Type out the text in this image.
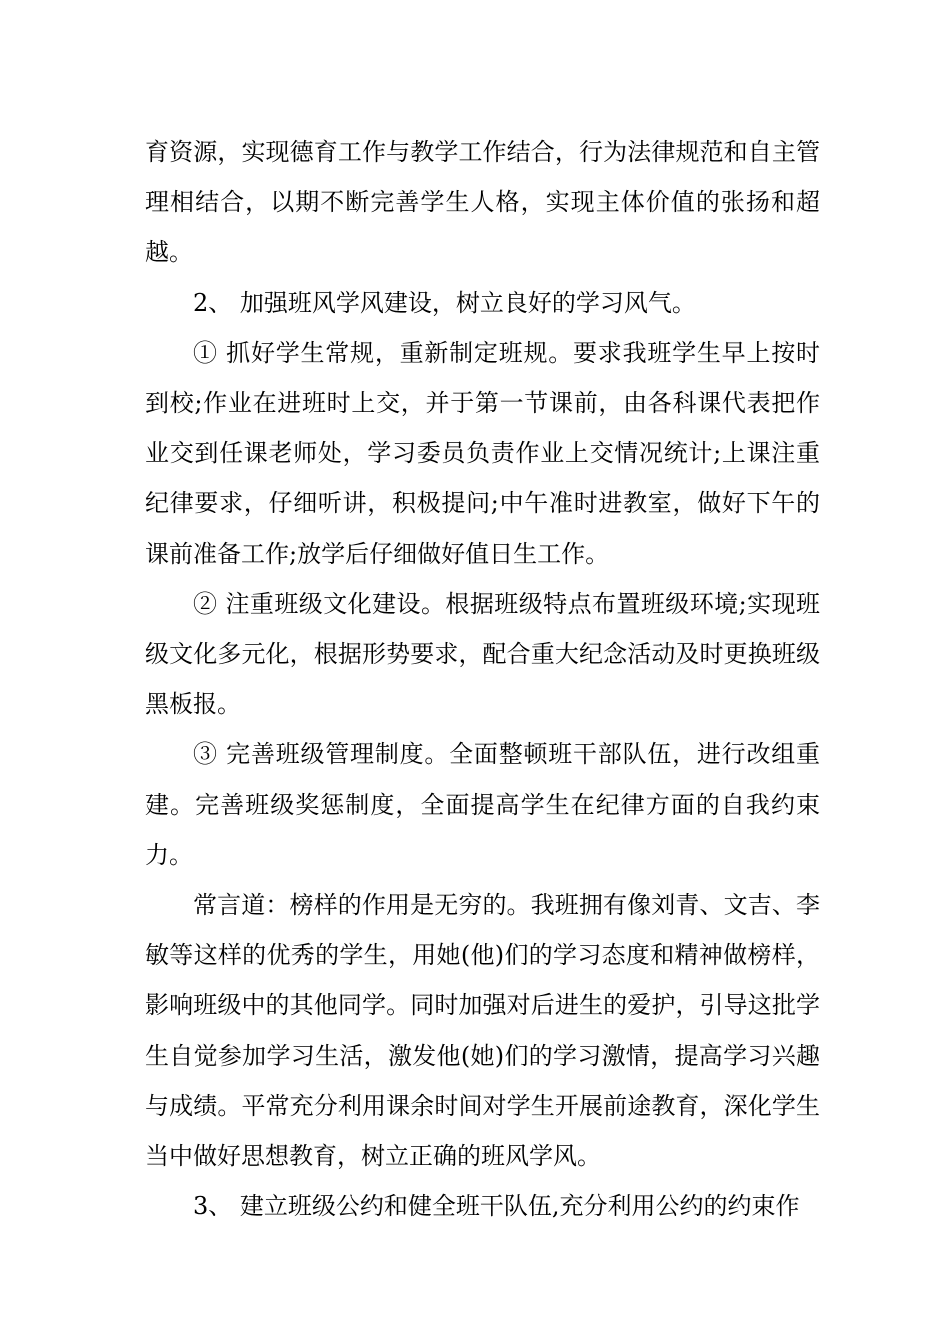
育资源，实现德育工作与教学工作结合，行为法律规范和自主管理相结合，以期不断完善学生人格，实现主体价值的张扬和超越。

2、 加强班风学风建设，树立良好的学习风气。

① 抓好学生常规，重新制定班规。要求我班学生早上按时到校;作业在进班时上交，并于第一节课前，由各科课代表把作业交到任课老师处，学习委员负责作业上交情况统计;上课注重纪律要求，仔细听讲，积极提问;中午准时进教室，做好下午的课前准备工作;放学后仔细做好值日生工作。

② 注重班级文化建设。根据班级特点布置班级环境;实现班级文化多元化，根据形势要求，配合重大纪念活动及时更换班级黑板报。

③ 完善班级管理制度。全面整顿班干部队伍，进行改组重建。完善班级奖惩制度，全面提高学生在纪律方面的自我约束力。

常言道：榜样的作用是无穷的。我班拥有像刘青、文吉、李敏等这样的优秀的学生，用她(他)们的学习态度和精神做榜样，影响班级中的其他同学。同时加强对后进生的爱护，引导这批学生自觉参加学习生活，激发他(她)们的学习激情，提高学习兴趣与成绩。平常充分利用课余时间对学生开展前途教育，深化学生当中做好思想教育，树立正确的班风学风。

3、 建立班级公约和健全班干队伍,充分利用公约的约束作
